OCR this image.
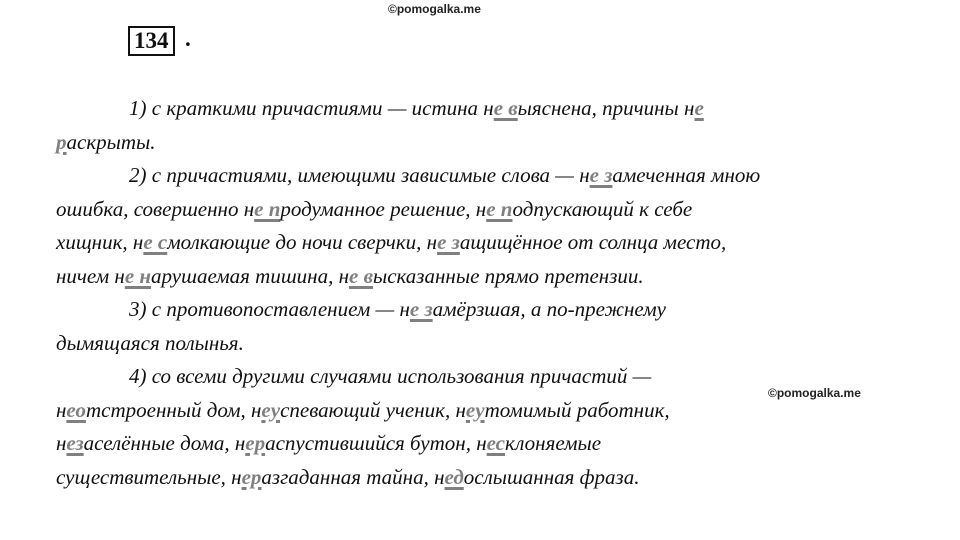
©pomogalka.me
©pomogalka.me
134 .
1) с краткими причастиями — истина не выяснена, причины не
раскрыты.
2) с причастиями, имеющими зависимые слова — не замеченная мною
ошибка, совершенно не продуманное решение, не подпускающий к себе
хищник, не смолкающие до ночи сверчки, не защищённое от солнца место,
ничем не нарушаемая тишина, не высказанные прямо претензии.
3) с противопоставлением — не замёрзшая, а по-прежнему
дымящаяся полынья.
4) со всеми другими случаями использования причастий —
неотстроенный дом, неуспевающий ученик, неутомимый работник,
незаселённые дома, нераспустившийся бутон, несклоняемые
существительные, неразгаданная тайна, недослышанная фраза.
